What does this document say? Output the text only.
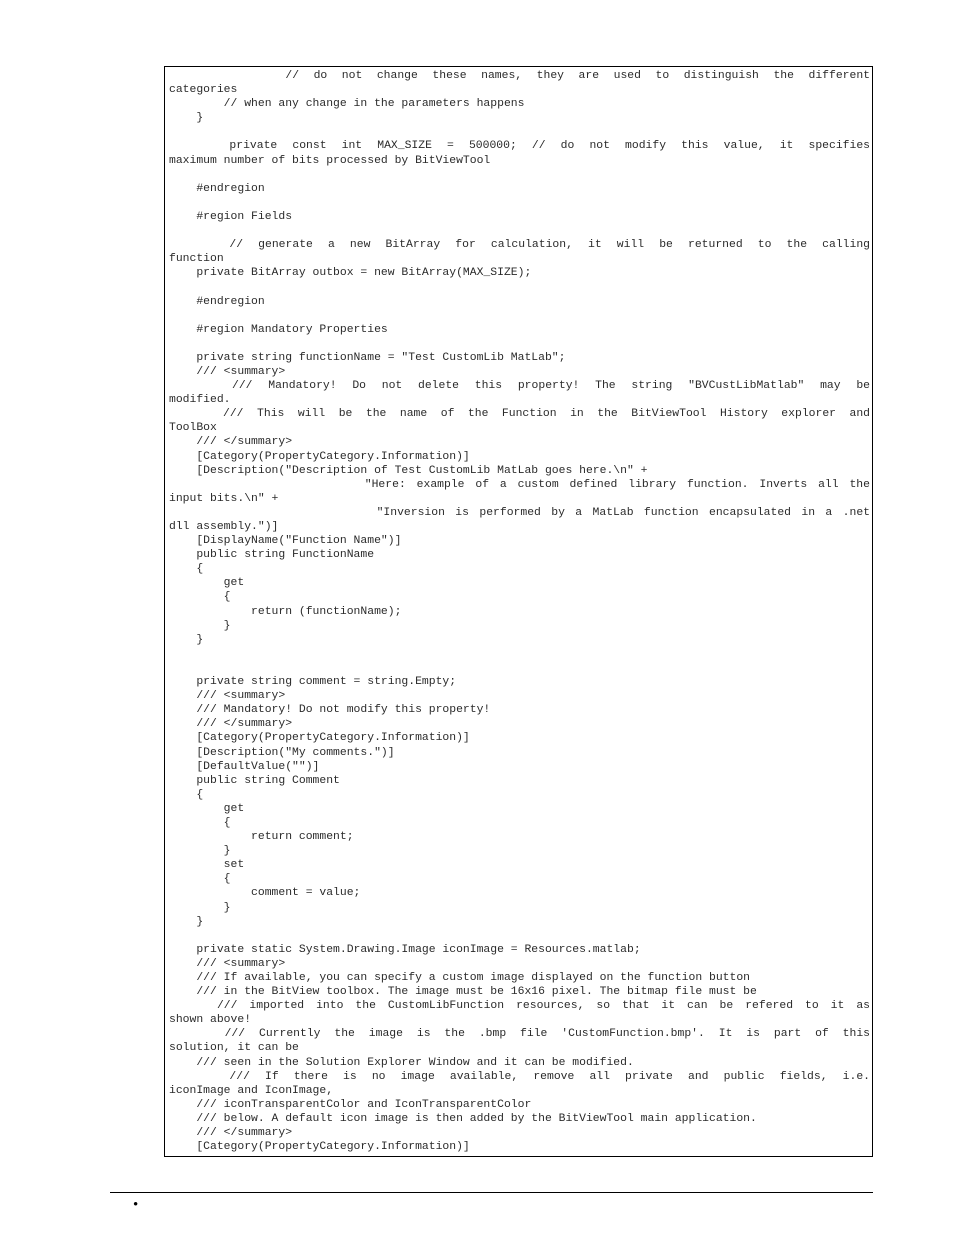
// do not change these names, they are used to distinguish the different
categories
// when any change in the parameters happens
}
private const int MAX_SIZE = 500000; // do not modify this value, it specifies
maximum number of bits processed by BitViewTool
#endregion
#region Fields
// generate a new BitArray for calculation, it will be returned to the calling
function
private BitArray outbox = new BitArray(MAX_SIZE);
#endregion
#region Mandatory Properties
private string functionName = "Test CustomLib MatLab";
/// <summary>
/// Mandatory! Do not delete this property! The string "BVCustLibMatlab" may be
modified.
/// This will be the name of the Function in the BitViewTool History explorer and
ToolBox
/// </summary>
[Category(PropertyCategory.Information)]
[Description("Description of Test CustomLib MatLab goes here.\n" +
"Here: example of a custom defined library function. Inverts all the
input bits.\n" +
"Inversion is performed by a MatLab function encapsulated in a .net
dll assembly.")]
[DisplayName("Function Name")]
public string FunctionName
{
get
{
return (functionName);
}
}
private string comment = string.Empty;
/// <summary>
/// Mandatory! Do not modify this property!
/// </summary>
[Category(PropertyCategory.Information)]
[Description("My comments.")]
[DefaultValue("")]
public string Comment
{
get
{
return comment;
}
set
{
comment = value;
}
}
private static System.Drawing.Image iconImage = Resources.matlab;
/// <summary>
/// If available, you can specify a custom image displayed on the function button
/// in the BitView toolbox. The image must be 16x16 pixel. The bitmap file must be
/// imported into the CustomLibFunction resources, so that it can be refered to it as
shown above!
/// Currently the image is the .bmp file 'CustomFunction.bmp'. It is part of this
solution, it can be
/// seen in the Solution Explorer Window and it can be modified.
/// If there is no image available, remove all private and public fields, i.e.
iconImage and IconImage,
/// iconTransparentColor and IconTransparentColor
/// below. A default icon image is then added by the BitViewTool main application.
/// </summary>
[Category(PropertyCategory.Information)]
•
